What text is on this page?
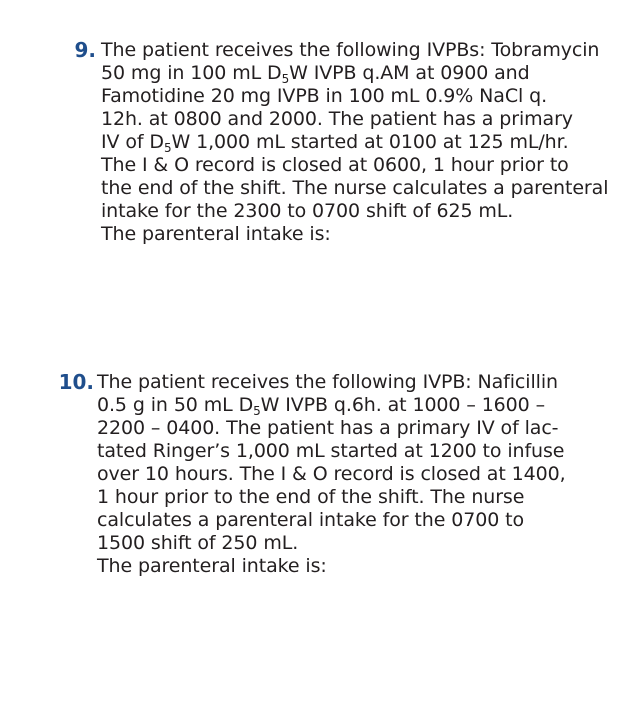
9. The patient receives the following IVPBs: Tobramycin
50 mg in 100 mL $D_5W$ IVPB q.AM at 0900 and
Famotidine 20 mg IVPB in 100 mL 0.9% NaCl q.
12h. at 0800 and 2000. The patient has a primary
IV of $D_5W$ 1,000 mL started at 0100 at 125 mL/hr.
The I & O record is closed at 0600, 1 hour prior to
the end of the shift. The nurse calculates a parenteral
intake for the 2300 to 0700 shift of 625 mL.
The parenteral intake is:
10. The patient receives the following IVPB: Naficillin
0.5 g in 50 mL $D_5W$ IVPB q.6h. at 1000 – 1600 –
2200 – 0400. The patient has a primary IV of lac-
tated Ringer’s 1,000 mL started at 1200 to infuse
over 10 hours. The I & O record is closed at 1400,
1 hour prior to the end of the shift. The nurse
calculates a parenteral intake for the 0700 to
1500 shift of 250 mL.
The parenteral intake is:
